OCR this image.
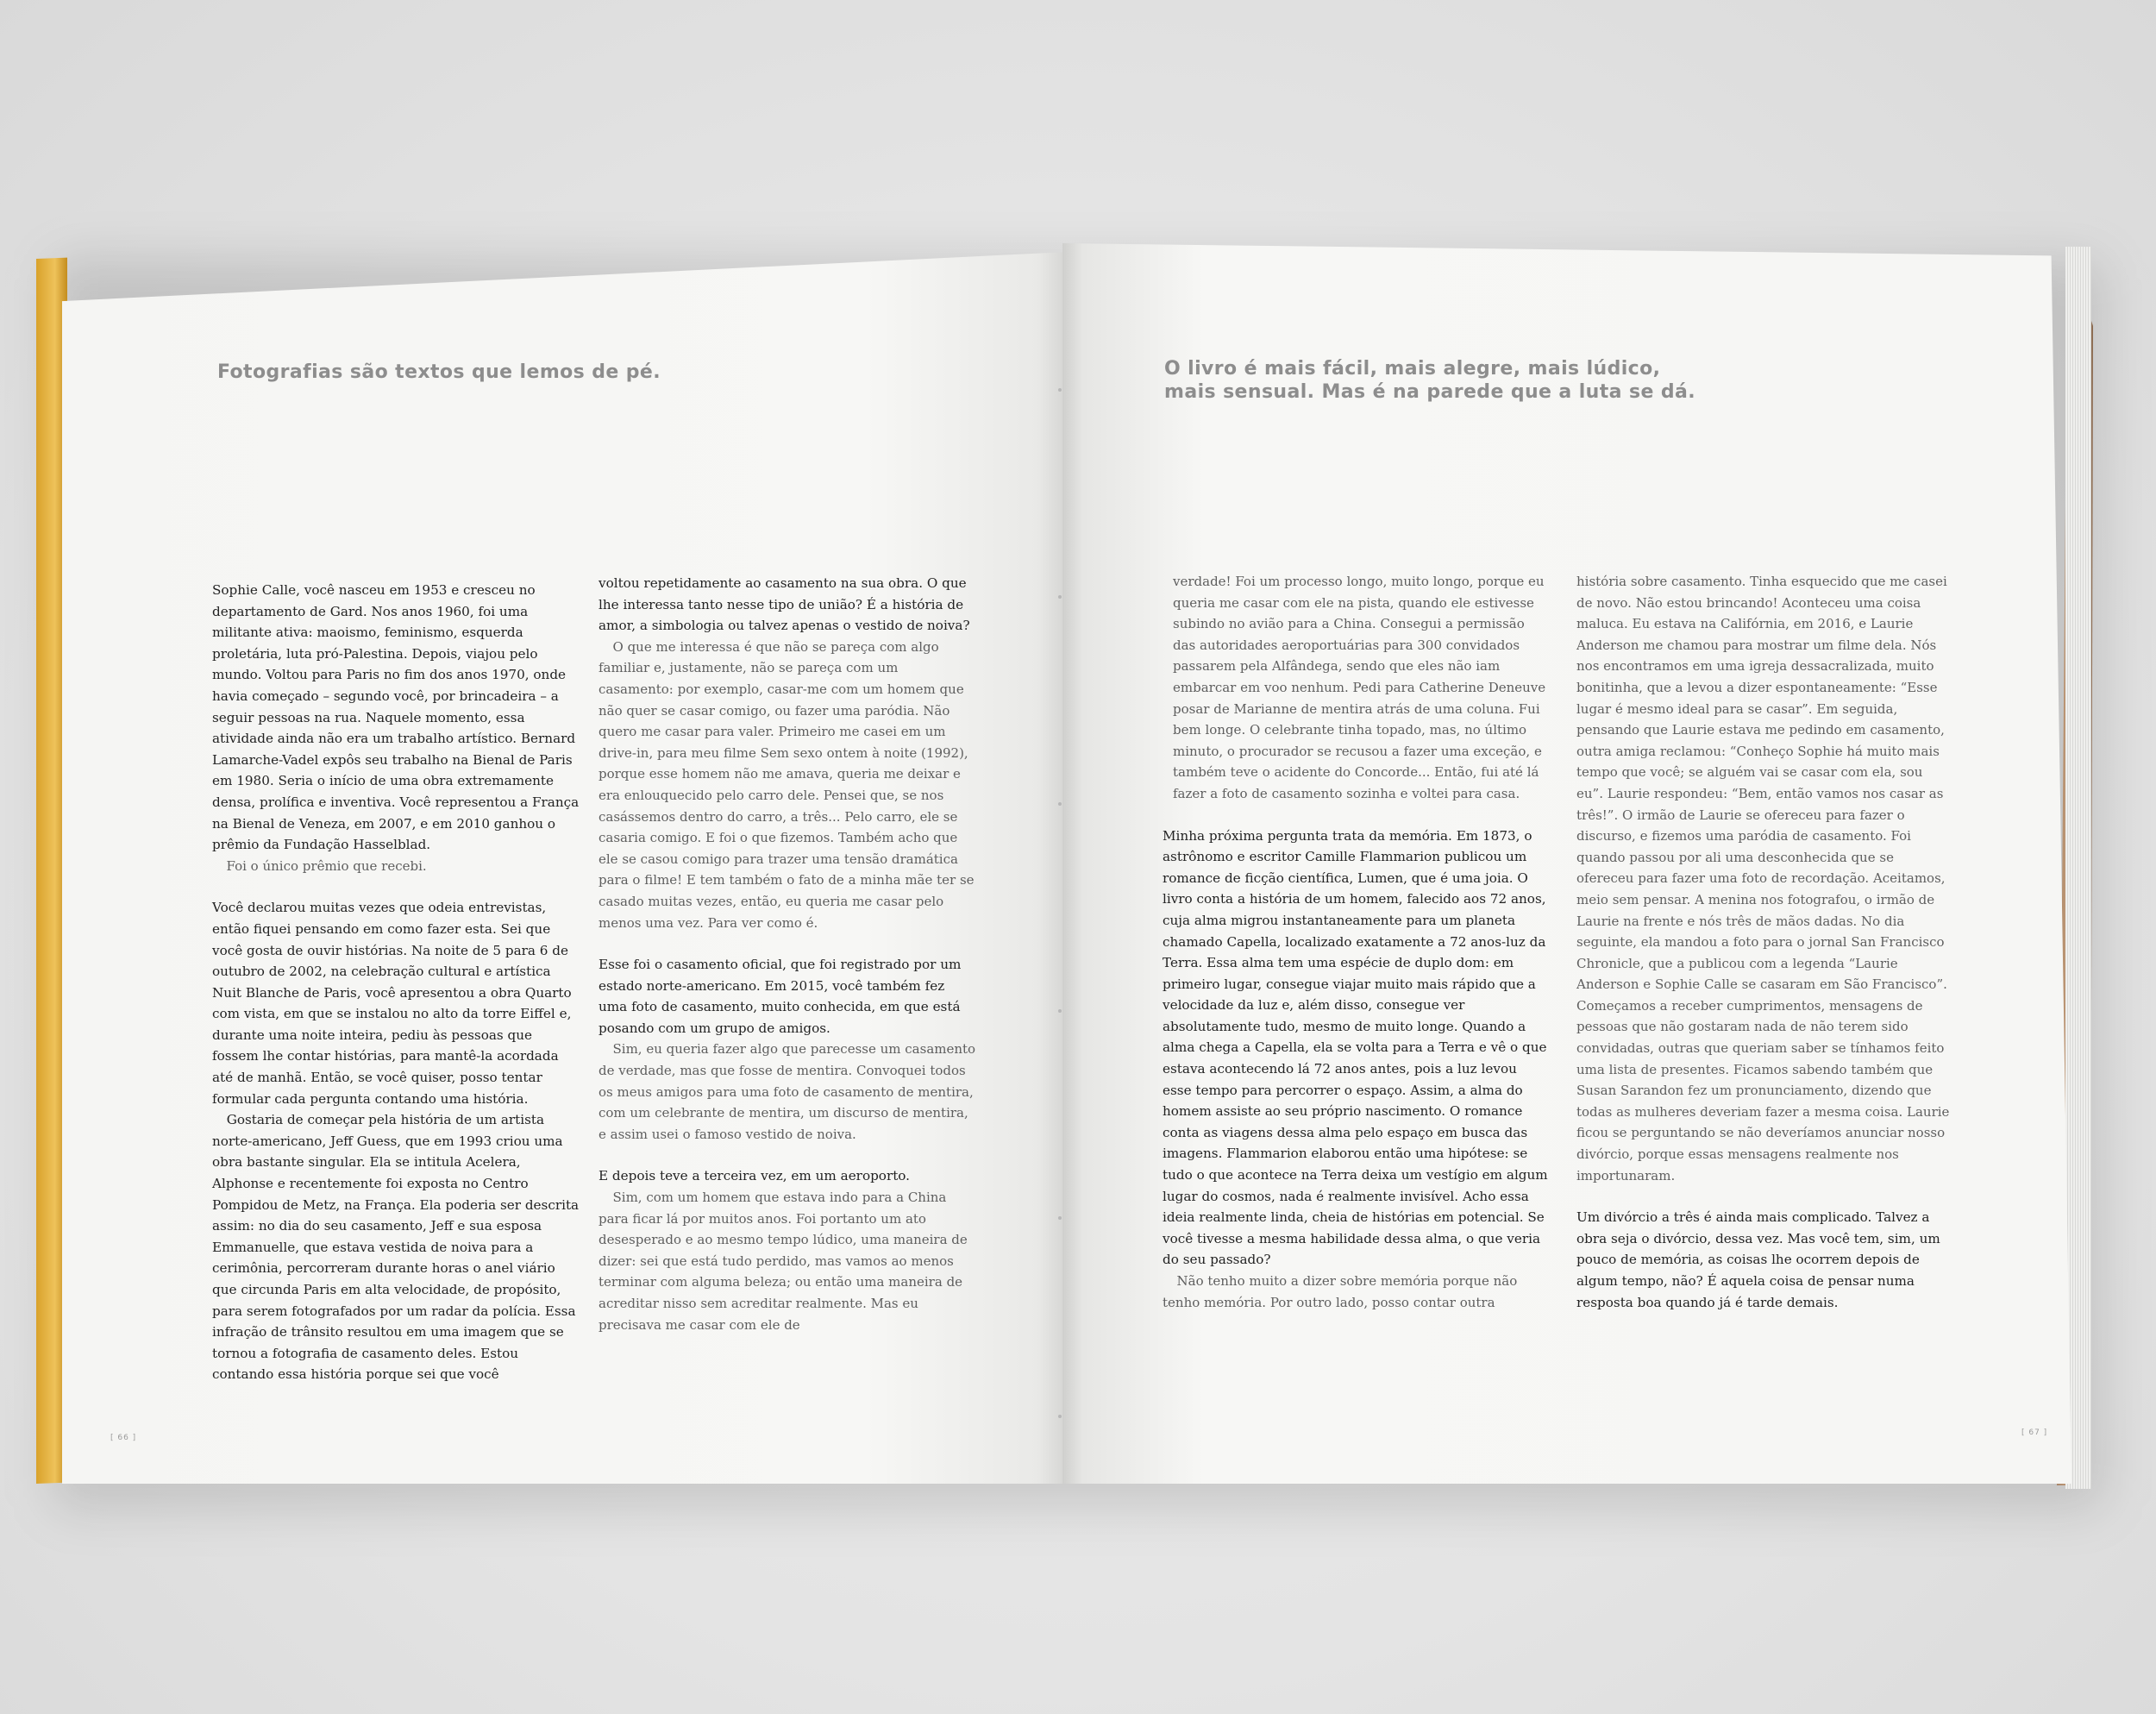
Fotografias são textos que lemos de pé.

Sophie Calle, você nasceu em 1953 e cresceu no departamento de Gard. Nos anos 1960, foi uma militante ativa: maoismo, feminismo, esquerda proletária, luta pró-Palestina. Depois, viajou pelo mundo. Voltou para Paris no fim dos anos 1970, onde havia começado – segundo você, por brincadeira – a seguir pessoas na rua. Naquele momento, essa atividade ainda não era um trabalho artístico. Bernard Lamarche-Vadel expôs seu trabalho na Bienal de Paris em 1980. Seria o início de uma obra extremamente densa, prolífica e inventiva. Você representou a França na Bienal de Veneza, em 2007, e em 2010 ganhou o prêmio da Fundação Hasselblad.

Foi o único prêmio que recebi.

Você declarou muitas vezes que odeia entrevistas, então fiquei pensando em como fazer esta. Sei que você gosta de ouvir histórias. Na noite de 5 para 6 de outubro de 2002, na celebração cultural e artística Nuit Blanche de Paris, você apresentou a obra Quarto com vista, em que se instalou no alto da torre Eiffel e, durante uma noite inteira, pediu às pessoas que fossem lhe contar histórias, para mantê-la acordada até de manhã. Então, se você quiser, posso tentar formular cada pergunta contando uma história.

Gostaria de começar pela história de um artista norte-americano, Jeff Guess, que em 1993 criou uma obra bastante singular. Ela se intitula Acelera, Alphonse e recentemente foi exposta no Centro Pompidou de Metz, na França. Ela poderia ser descrita assim: no dia do seu casamento, Jeff e sua esposa Emmanuelle, que estava vestida de noiva para a cerimônia, percorreram durante horas o anel viário que circunda Paris em alta velocidade, de propósito, para serem fotografados por um radar da polícia. Essa infração de trânsito resultou em uma imagem que se tornou a fotografia de casamento deles. Estou contando essa história porque sei que você

voltou repetidamente ao casamento na sua obra. O que lhe interessa tanto nesse tipo de união? É a história de amor, a simbologia ou talvez apenas o vestido de noiva?

O que me interessa é que não se pareça com algo familiar e, justamente, não se pareça com um casamento: por exemplo, casar-me com um homem que não quer se casar comigo, ou fazer uma paródia. Não quero me casar para valer. Primeiro me casei em um drive-in, para meu filme Sem sexo ontem à noite (1992), porque esse homem não me amava, queria me deixar e era enlouquecido pelo carro dele. Pensei que, se nos casássemos dentro do carro, a três... Pelo carro, ele se casaria comigo. E foi o que fizemos. Também acho que ele se casou comigo para trazer uma tensão dramática para o filme! E tem também o fato de a minha mãe ter se casado muitas vezes, então, eu queria me casar pelo menos uma vez. Para ver como é.

Esse foi o casamento oficial, que foi registrado por um estado norte-americano. Em 2015, você também fez uma foto de casamento, muito conhecida, em que está posando com um grupo de amigos.

Sim, eu queria fazer algo que parecesse um casamento de verdade, mas que fosse de mentira. Convoquei todos os meus amigos para uma foto de casamento de mentira, com um celebrante de mentira, um discurso de mentira, e assim usei o famoso vestido de noiva.

E depois teve a terceira vez, em um aeroporto.

Sim, com um homem que estava indo para a China para ficar lá por muitos anos. Foi portanto um ato desesperado e ao mesmo tempo lúdico, uma maneira de dizer: sei que está tudo perdido, mas vamos ao menos terminar com alguma beleza; ou então uma maneira de acreditar nisso sem acreditar realmente. Mas eu precisava me casar com ele de

[ 66 ]
O livro é mais fácil, mais alegre, mais lúdico,
mais sensual. Mas é na parede que a luta se dá.

verdade! Foi um processo longo, muito longo, porque eu queria me casar com ele na pista, quando ele estivesse subindo no avião para a China. Consegui a permissão das autoridades aeroportuárias para 300 convidados passarem pela Alfândega, sendo que eles não iam embarcar em voo nenhum. Pedi para Catherine Deneuve posar de Marianne de mentira atrás de uma coluna. Fui bem longe. O celebrante tinha topado, mas, no último minuto, o procurador se recusou a fazer uma exceção, e também teve o acidente do Concorde... Então, fui até lá fazer a foto de casamento sozinha e voltei para casa.

Minha próxima pergunta trata da memória. Em 1873, o astrônomo e escritor Camille Flammarion publicou um romance de ficção científica, Lumen, que é uma joia. O livro conta a história de um homem, falecido aos 72 anos, cuja alma migrou instantaneamente para um planeta chamado Capella, localizado exatamente a 72 anos-luz da Terra. Essa alma tem uma espécie de duplo dom: em primeiro lugar, consegue viajar muito mais rápido que a velocidade da luz e, além disso, consegue ver absolutamente tudo, mesmo de muito longe. Quando a alma chega a Capella, ela se volta para a Terra e vê o que estava acontecendo lá 72 anos antes, pois a luz levou esse tempo para percorrer o espaço. Assim, a alma do homem assiste ao seu próprio nascimento. O romance conta as viagens dessa alma pelo espaço em busca das imagens. Flammarion elaborou então uma hipótese: se tudo o que acontece na Terra deixa um vestígio em algum lugar do cosmos, nada é realmente invisível. Acho essa ideia realmente linda, cheia de histórias em potencial. Se você tivesse a mesma habilidade dessa alma, o que veria do seu passado?

Não tenho muito a dizer sobre memória porque não tenho memória. Por outro lado, posso contar outra

história sobre casamento. Tinha esquecido que me casei de novo. Não estou brincando! Aconteceu uma coisa maluca. Eu estava na Califórnia, em 2016, e Laurie Anderson me chamou para mostrar um filme dela. Nós nos encontramos em uma igreja dessacralizada, muito bonitinha, que a levou a dizer espontaneamente: “Esse lugar é mesmo ideal para se casar”. Em seguida, pensando que Laurie estava me pedindo em casamento, outra amiga reclamou: “Conheço Sophie há muito mais tempo que você; se alguém vai se casar com ela, sou eu”. Laurie respondeu: “Bem, então vamos nos casar as três!”. O irmão de Laurie se ofereceu para fazer o discurso, e fizemos uma paródia de casamento. Foi quando passou por ali uma desconhecida que se ofereceu para fazer uma foto de recordação. Aceitamos, meio sem pensar. A menina nos fotografou, o irmão de Laurie na frente e nós três de mãos dadas. No dia seguinte, ela mandou a foto para o jornal San Francisco Chronicle, que a publicou com a legenda “Laurie Anderson e Sophie Calle se casaram em São Francisco”. Começamos a receber cumprimentos, mensagens de pessoas que não gostaram nada de não terem sido convidadas, outras que queriam saber se tínhamos feito uma lista de presentes. Ficamos sabendo também que Susan Sarandon fez um pronunciamento, dizendo que todas as mulheres deveriam fazer a mesma coisa. Laurie ficou se perguntando se não deveríamos anunciar nosso divórcio, porque essas mensagens realmente nos importunaram.

Um divórcio a três é ainda mais complicado. Talvez a obra seja o divórcio, dessa vez. Mas você tem, sim, um pouco de memória, as coisas lhe ocorrem depois de algum tempo, não? É aquela coisa de pensar numa resposta boa quando já é tarde demais.

[ 67 ]
